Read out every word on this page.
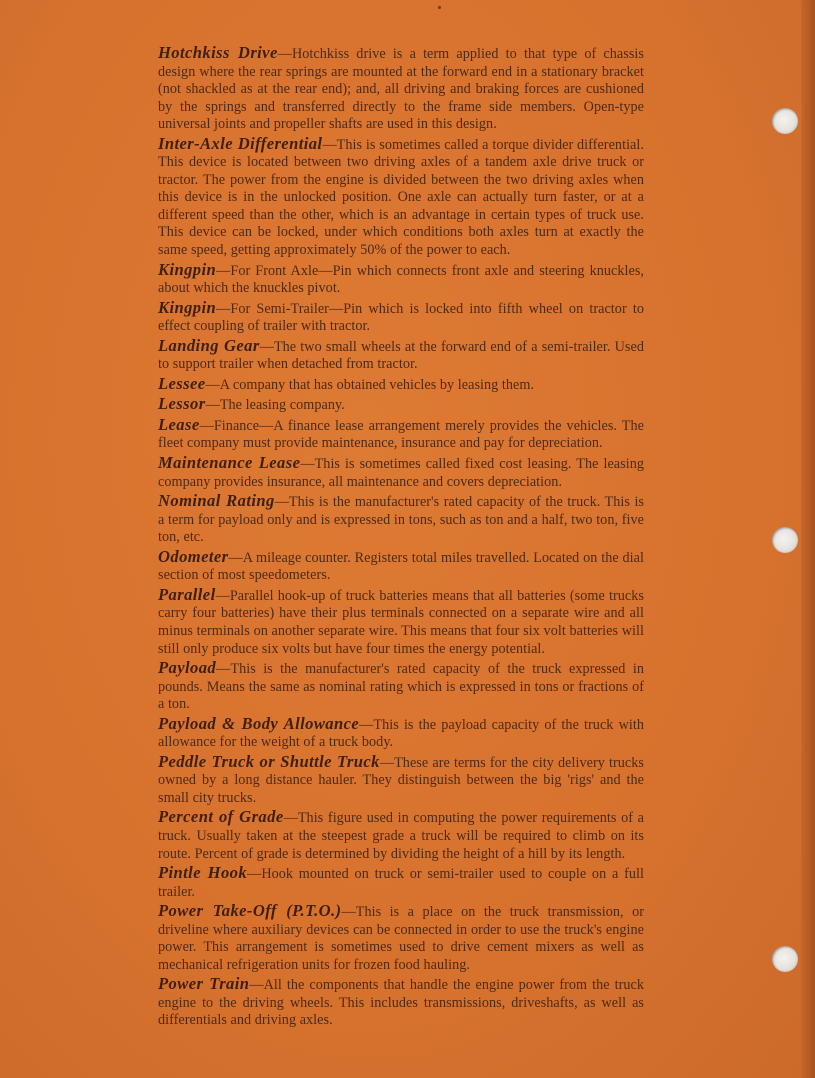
Hotchkiss Drive—Hotchkiss drive is a term applied to that type of chassis design where the rear springs are mounted at the forward end in a stationary bracket (not shackled as at the rear end); and, all driving and braking forces are cushioned by the springs and transferred directly to the frame side members. Open-type universal joints and propeller shafts are used in this design.

Inter-Axle Differential—This is sometimes called a torque divider differential. This device is located between two driving axles of a tandem axle drive truck or tractor. The power from the engine is divided between the two driving axles when this device is in the unlocked position. One axle can actually turn faster, or at a different speed than the other, which is an advantage in certain types of truck use. This device can be locked, under which conditions both axles turn at exactly the same speed, getting approximately 50% of the power to each.

Kingpin—For Front Axle—Pin which connects front axle and steering knuckles, about which the knuckles pivot.

Kingpin—For Semi-Trailer—Pin which is locked into fifth wheel on tractor to effect coupling of trailer with tractor.

Landing Gear—The two small wheels at the forward end of a semi-trailer. Used to support trailer when detached from tractor.

Lessee—A company that has obtained vehicles by leasing them.

Lessor—The leasing company.

Lease—Finance—A finance lease arrangement merely provides the vehicles. The fleet company must provide maintenance, insurance and pay for depreciation.

Maintenance Lease—This is sometimes called fixed cost leasing. The leasing company provides insurance, all maintenance and covers depreciation.

Nominal Rating—This is the manufacturer's rated capacity of the truck. This is a term for payload only and is expressed in tons, such as ton and a half, two ton, five ton, etc.

Odometer—A mileage counter. Registers total miles travelled. Located on the dial section of most speedometers.

Parallel—Parallel hook-up of truck batteries means that all batteries (some trucks carry four batteries) have their plus terminals connected on a separate wire and all minus terminals on another separate wire. This means that four six volt batteries will still only produce six volts but have four times the energy potential.

Payload—This is the manufacturer's rated capacity of the truck expressed in pounds. Means the same as nominal rating which is expressed in tons or fractions of a ton.

Payload & Body Allowance—This is the payload capacity of the truck with allowance for the weight of a truck body.

Peddle Truck or Shuttle Truck—These are terms for the city delivery trucks owned by a long distance hauler. They distinguish between the big 'rigs' and the small city trucks.

Percent of Grade—This figure used in computing the power requirements of a truck. Usually taken at the steepest grade a truck will be required to climb on its route. Percent of grade is determined by dividing the height of a hill by its length.

Pintle Hook—Hook mounted on truck or semi-trailer used to couple on a full trailer.

Power Take-Off (P.T.O.)—This is a place on the truck transmission, or driveline where auxiliary devices can be connected in order to use the truck's engine power. This arrangement is sometimes used to drive cement mixers as well as mechanical refrigeration units for frozen food hauling.

Power Train—All the components that handle the engine power from the truck engine to the driving wheels. This includes transmissions, driveshafts, as well as differentials and driving axles.
